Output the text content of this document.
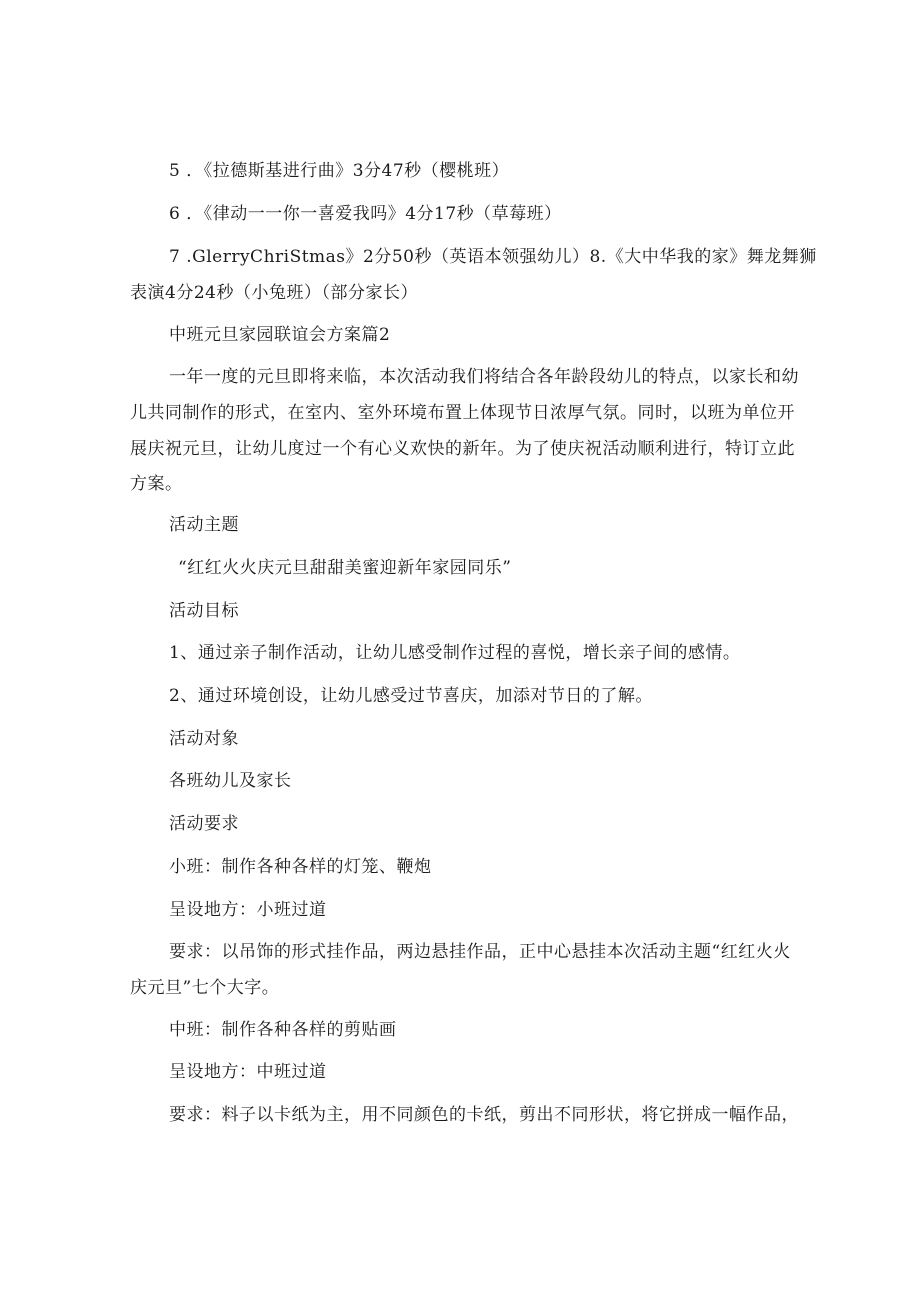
5 ．《拉德斯基进行曲》3分47秒（樱桃班）

6 ．《律动一一你一喜爱我吗》4分17秒（草莓班）

7 .GlerryChriStmas》2分50秒（英语本领强幼儿）8.《大中华我的家》舞龙舞狮

表演4分24秒（小兔班）（部分家长）

中班元旦家园联谊会方案篇2

一年一度的元旦即将来临，本次活动我们将结合各年龄段幼儿的特点，以家长和幼

儿共同制作的形式，在室内、室外环境布置上体现节日浓厚气氛。同时，以班为单位开

展庆祝元旦，让幼儿度过一个有心义欢快的新年。为了使庆祝活动顺利进行，特订立此

方案。

活动主题

“红红火火庆元旦甜甜美蜜迎新年家园同乐”

活动目标

1、通过亲子制作活动，让幼儿感受制作过程的喜悦，增长亲子间的感情。

2、通过环境创设，让幼儿感受过节喜庆，加添对节日的了解。

活动对象

各班幼儿及家长

活动要求

小班：制作各种各样的灯笼、鞭炮

呈设地方：小班过道

要求：以吊饰的形式挂作品，两边悬挂作品，正中心悬挂本次活动主题“红红火火

庆元旦”七个大字。

中班：制作各种各样的剪贴画

呈设地方：中班过道

要求：料子以卡纸为主，用不同颜色的卡纸，剪出不同形状，将它拼成一幅作品，
